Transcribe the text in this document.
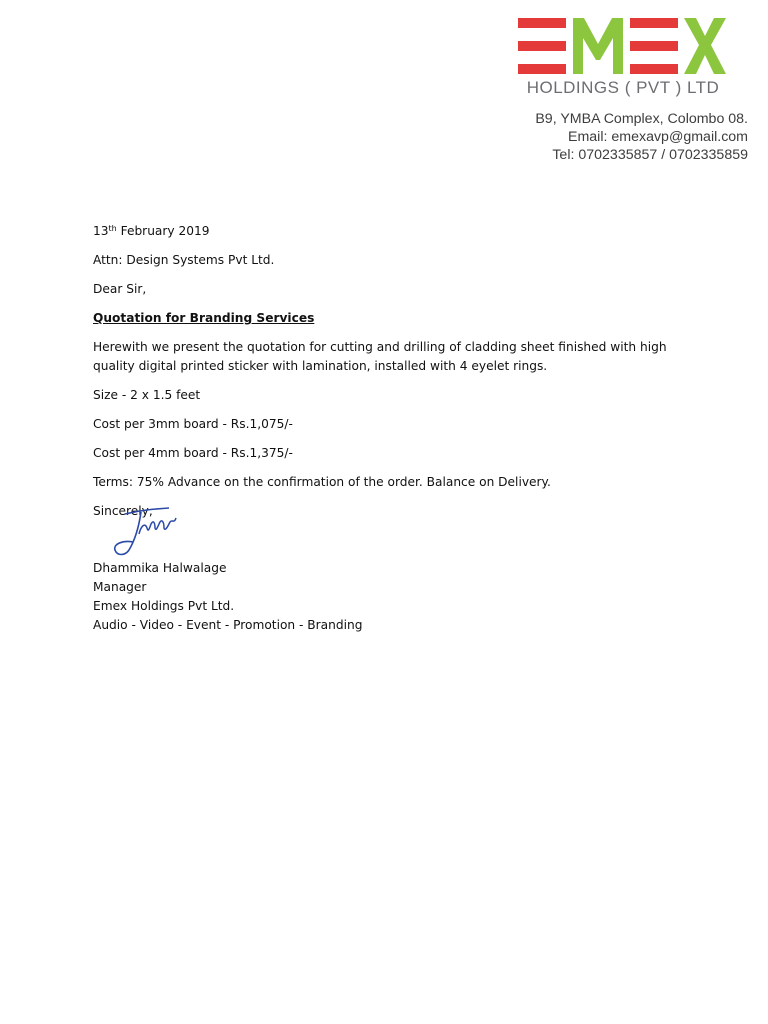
HOLDINGS ( PVT ) LTD
B9, YMBA Complex, Colombo 08.
Email: emexavp@gmail.com
Tel: 0702335857 / 0702335859

13th February 2019

Attn: Design Systems Pvt Ltd.

Dear Sir,

Quotation for Branding Services

Herewith we present the quotation for cutting and drilling of cladding sheet finished with high quality digital printed sticker with lamination, installed with 4 eyelet rings.

Size - 2 x 1.5 feet

Cost per 3mm board - Rs.1,075/-

Cost per 4mm board - Rs.1,375/-

Terms: 75% Advance on the confirmation of the order. Balance on Delivery.

Sincerely,
Dhammika Halwalage
Manager
Emex Holdings Pvt Ltd.
Audio - Video - Event - Promotion - Branding
